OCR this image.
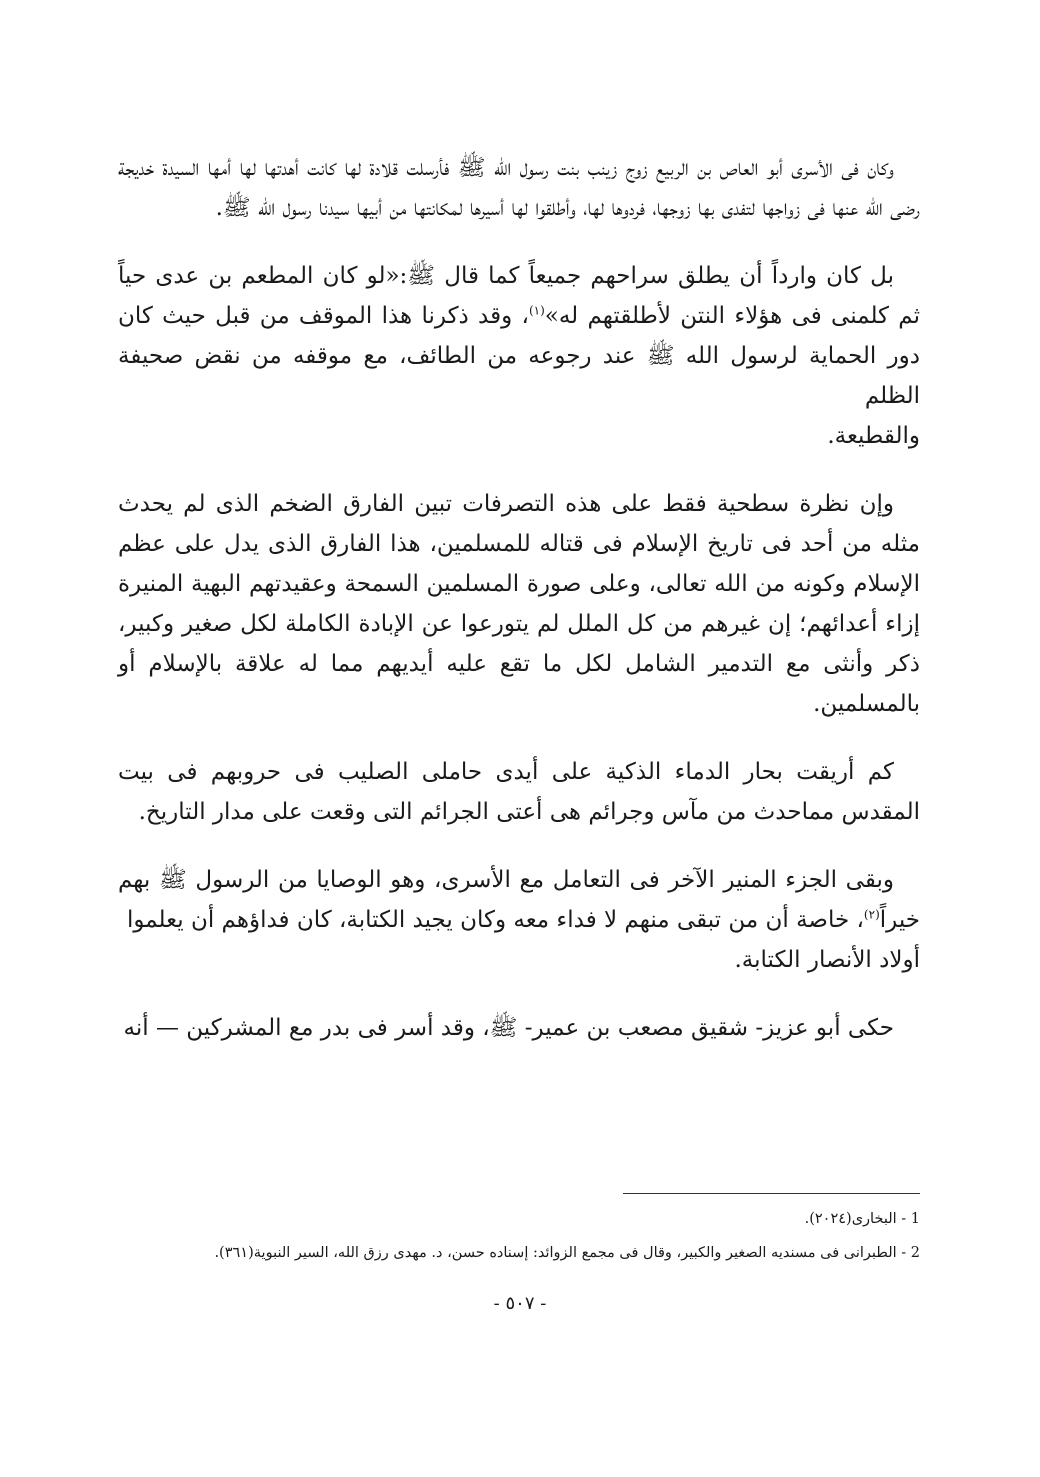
وكان فى الأسرى أبو العاص بن الربيع زوج زينب بنت رسول الله ﷺ فأرسلت قلادة لها كانت أهدتها لها أمها السيدة خديجة رضى الله عنها فى زواجها لتفدى بها زوجها، فردوها لها، وأطلقوا لها أسيرها لمكانتها من أبيها سيدنا رسول الله ﷺ.

بل كان وارداً أن يطلق سراحهم جميعاً كما قال ﷺ:«لو كان المطعم بن عدى حياً ثم كلمنى فى هؤلاء النتن لأطلقتهم له»$^{(١)}$، وقد ذكرنا هذا الموقف من قبل حيث كان دور الحماية لرسول الله ﷺ عند رجوعه من الطائف، مع موقفه من نقض صحيفة الظلم
والقطيعة.

وإن نظرة سطحية فقط على هذه التصرفات تبين الفارق الضخم الذى لم يحدث مثله من أحد فى تاريخ الإسلام فى قتاله للمسلمين، هذا الفارق الذى يدل على عظم الإسلام وكونه من الله تعالى، وعلى صورة المسلمين السمحة وعقيدتهم البهية المنيرة إزاء أعدائهم؛ إن غيرهم من كل الملل لم يتورعوا عن الإبادة الكاملة لكل صغير وكبير، ذكر وأنثى مع التدمير الشامل لكل ما تقع عليه أيديهم مما له علاقة بالإسلام أو بالمسلمين.

كم أريقت بحار الدماء الذكية على أيدى حاملى الصليب فى حروبهم فى بيت المقدس مماحدث من مآس وجرائم هى أعتى الجرائم التى وقعت على مدار التاريخ.

وبقى الجزء المنير الآخر فى التعامل مع الأسرى، وهو الوصايا من الرسول ﷺ بهم خيراً$^{(٢)}$، خاصة أن من تبقى منهم لا فداء معه وكان يجيد الكتابة، كان فداؤهم أن يعلموا
أولاد الأنصار الكتابة.

حكى أبو عزيز- شقيق مصعب بن عمير- ﷺ، وقد أسر فى بدر مع المشركين — أنه

1 - البخارى(٢٠٢٤).

2 - الطبرانى فى مسنديه الصغير والكبير، وقال فى مجمع الزوائد: إسناده حسن، د. مهدى رزق الله، السير النبوية(٣٦١).

- ٥٠٧ -
